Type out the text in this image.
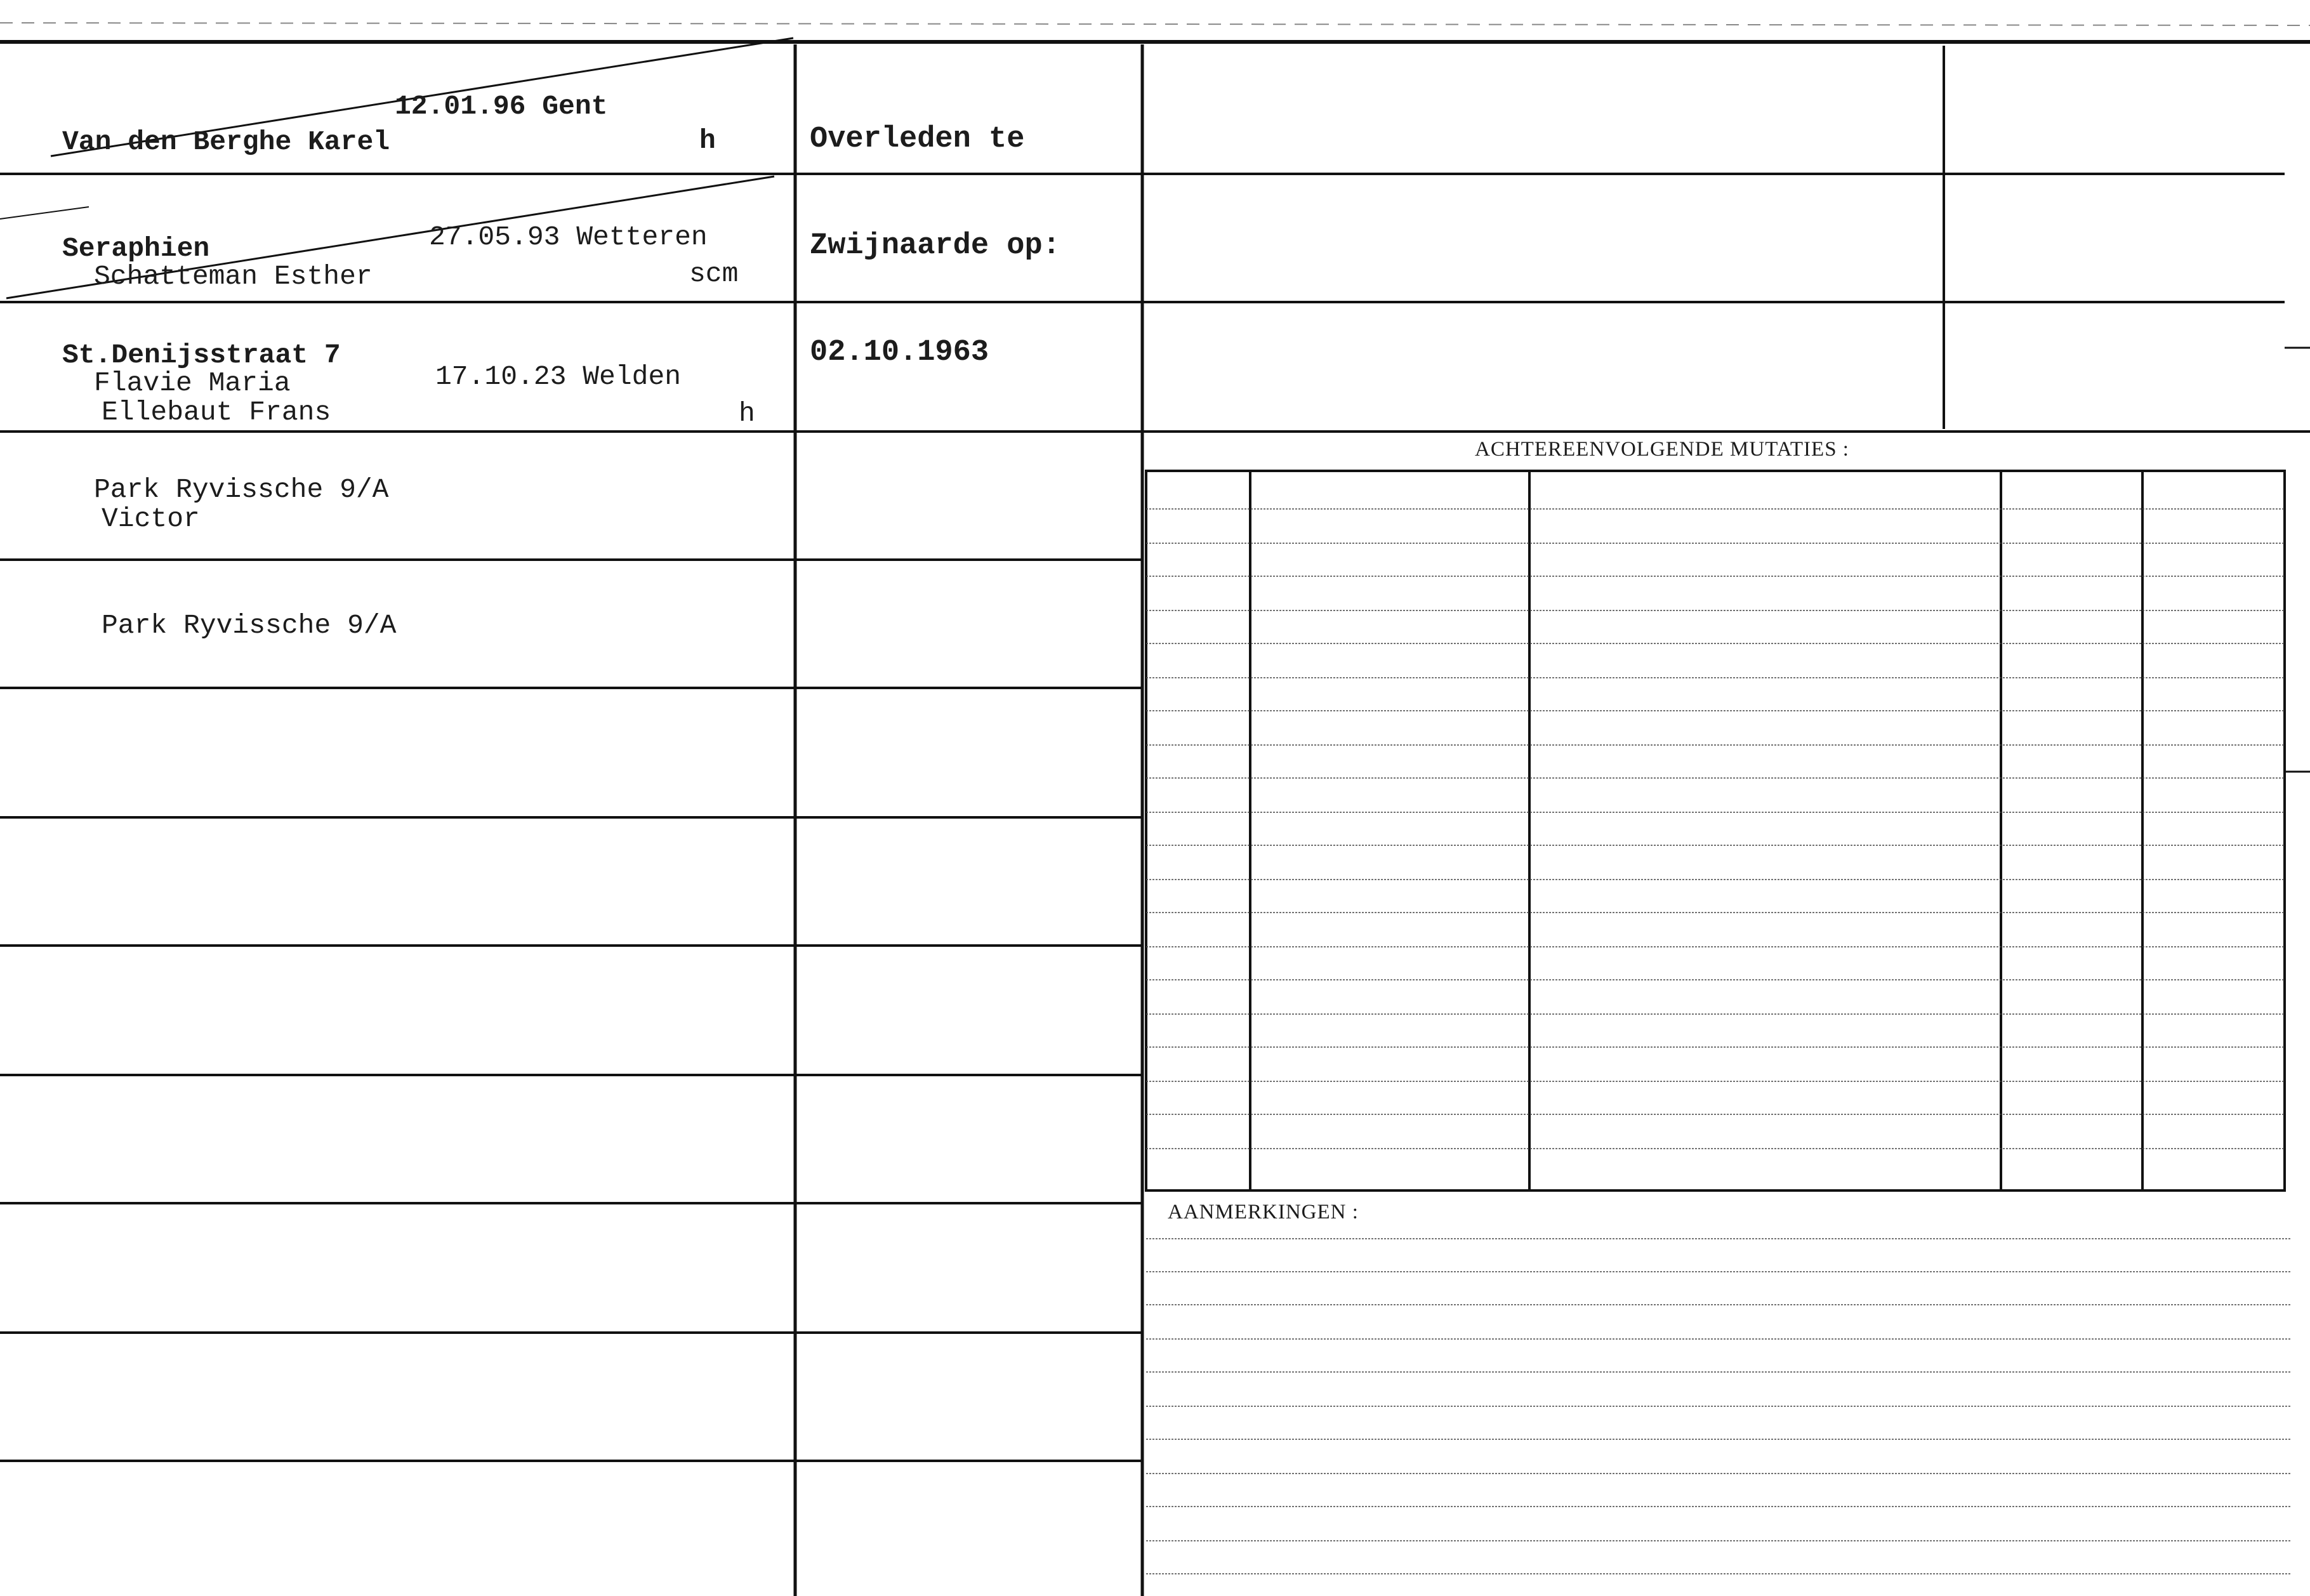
Van den Berghe Karel

Seraphien

St.Denijsstraat 7

12.01.96 Gent
h

	Overleden te

Zwijnaarde op:

02.10.1963

Schatteman Esther

Flavie Maria

Park Ryvissche 9/A

27.05.93 Wetteren
scm

Ellebaut Frans

Victor

Park Ryvissche 9/A

17.10.23 Welden
h
ACHTEREENVOLGENDE MUTATIES :
AANMERKINGEN :
